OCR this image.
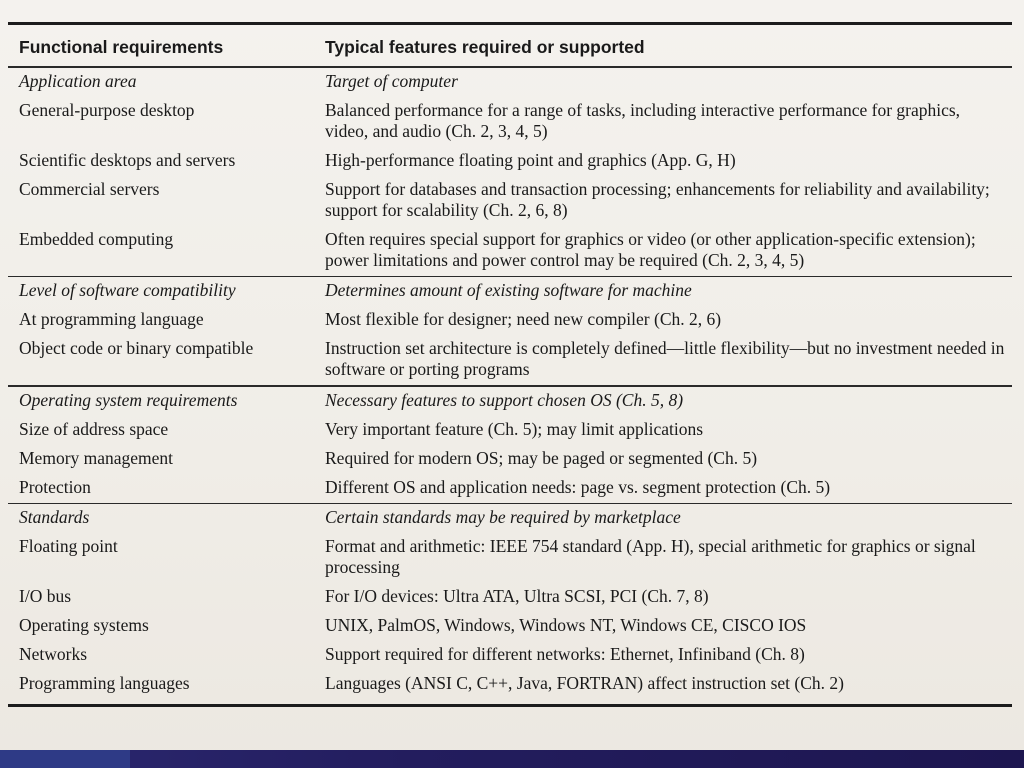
Functional requirements	Typical features required or supported
Application area	Target of computer
General-purpose desktop	Balanced performance for a range of tasks, including interactive performance for graphics, video, and audio (Ch. 2, 3, 4, 5)
Scientific desktops and servers	High-performance floating point and graphics (App. G, H)
Commercial servers	Support for databases and transaction processing; enhancements for reliability and availability; support for scalability (Ch. 2, 6, 8)
Embedded computing	Often requires special support for graphics or video (or other application-specific extension); power limitations and power control may be required (Ch. 2, 3, 4, 5)
Level of software compatibility	Determines amount of existing software for machine
At programming language	Most flexible for designer; need new compiler (Ch. 2, 6)
Object code or binary compatible	Instruction set architecture is completely defined—little flexibility—but no investment needed in software or porting programs
Operating system requirements	Necessary features to support chosen OS (Ch. 5, 8)
Size of address space	Very important feature (Ch. 5); may limit applications
Memory management	Required for modern OS; may be paged or segmented (Ch. 5)
Protection	Different OS and application needs: page vs. segment protection (Ch. 5)
Standards	Certain standards may be required by marketplace
Floating point	Format and arithmetic: IEEE 754 standard (App. H), special arithmetic for graphics or signal processing
I/O bus	For I/O devices: Ultra ATA, Ultra SCSI, PCI (Ch. 7, 8)
Operating systems	UNIX, PalmOS, Windows, Windows NT, Windows CE, CISCO IOS
Networks	Support required for different networks: Ethernet, Infiniband (Ch. 8)
Programming languages	Languages (ANSI C, C++, Java, FORTRAN) affect instruction set (Ch. 2)
